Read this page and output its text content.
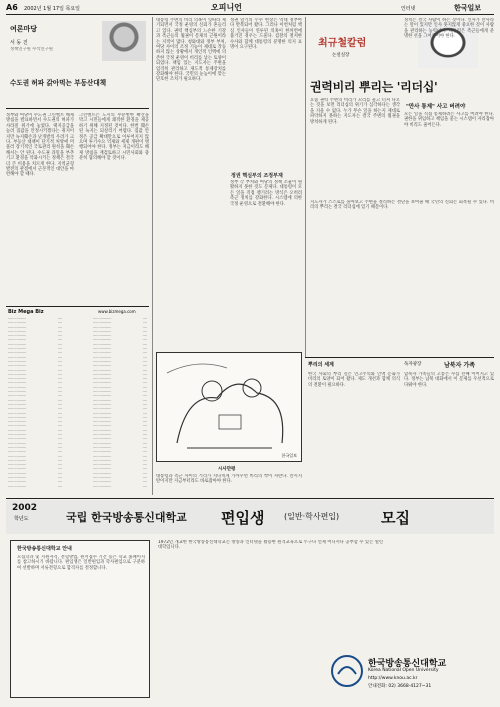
A6 2002년 1월 17일 목요일	오피니언	인터넷	한국일보
여론마당
서 동 진
정책연구원 수석연구원
수도권 허파 갉아먹는 부동산대책
정부와 여당이 수도권 그린벨트 해제 방침을 발표하면서 수도권의 허파가 사라질 위기에 놓였다. 택지공급을 늘려 집값을 안정시키겠다는 취지이지만 녹지훼손과 난개발의 우려가 크다. 부동산 대책이 단기적 처방에 머물러 장기적인 국토관리 원칙을 훼손해서는 안 된다. 수도권 과밀을 부추기고 환경을 악화시키는 정책은 결국 더 큰 비용을 치르게 한다. 지역균형발전의 관점에서 근본적인 대안을 마련해야 할 때다.
그린벨트는 도시의 무분별한 확산을 막고 시민들에게 쾌적한 환경을 제공하기 위해 지정된 것이다. 한번 훼손된 녹지는 되살리기 어렵다. 집값 안정은 공급 확대만으로 이루어지지 않으며 투기수요 억제와 세제 개편이 병행되어야 한다. 정부는 지금이라도 해제 방침을 재검토하고 시민사회와 충분히 협의해야 할 것이다.
Biz Mega Biz	www.bizmega.com
·················	····	·················	····
·················	····	·················	····
·················	····	·················	····
·················	····	·················	····
·················	····	·················	····
·················	····	·················	····
·················	····	·················	····
·················	····	·················	····
·················	····	·················	····
·················	····	·················	····
·················	····	·················	····
·················	····	·················	····
·················	····	·················	····
·················	····	·················	····
·················	····	·················	····
·················	····	·················	····
·················	····	·················	····
·················	····	·················	····
·················	····	·················	····
·················	····	·················	····
·················	····	·················	····
·················	····	·················	····
·················	····	·················	····
·················	····	·················	····
·················	····	·················	····
·················	····	·················	····
·················	····	·················	····
·················	····	·················	····
·················	····	·················	····
·················	····	·················	····
·················	····	·················	····
·················	····	·················	····
·················	····	·················	····
·················	····	·················	····
·················	····	·················	····
·················	····	·················	····
·················	····	·················	····
·················	····	·················	····
·················	····	·················	····
·················	····	·················	····
대통령 주변의 비리 의혹이 잇따라 제기되면서 국정 운영의 신뢰가 흔들리고 있다. 권력 핵심부의 느슨한 기강과 측근들의 월권이 문제의 근원이라는 지적이 많다. 청와대와 정부 부처, 여당 사이의 조정 기능이 제대로 작동하지 않는 상황에서 개인적 인맥에 의존한 국정 운영이 비리를 낳는 토양이 되었다. 책임 있는 지도자는 주변을 엄격히 관리하고 제도적 통제장치를 강화해야 한다. 국민의 눈높이에 맞는 단호한 조치가 필요하다.
정권 말기의 누수 현상은 역대 정부마다 반복되어 왔다. 그러나 이번처럼 핵심 인사들이 연루된 의혹이 한꺼번에 불거진 경우는 드물다. 검찰의 철저한 수사와 함께 대통령의 분명한 의지 표명이 요구된다.
정권 핵심부의 조정부재
정부 각 부처와 여당의 정책 조율이 원활하지 못한 것도 문제다. 대통령이 모든 일을 직접 챙기려는 방식은 오히려 측근 정치를 강화한다. 시스템에 의한 국정 운영으로 전환해야 한다.
한국일보
시사만평
대통령과 측근 사이의 거리가 지나치게 가까우면 비리의 싹이 자란다. 만시지탄이지만 지금부터라도 바로잡아야 한다.
최규철칼럼
논설실장
권력비리 뿌리는 '리더십'
요즘 권력 주변의 비리가 꼬리를 물고 터져 나오는 것을 보면 리더십의 위기가 심각하다는 생각을 지울 수 없다. 누가 무슨 일을 하는지 제대로 파악하지 못하는 지도자는 결국 주변의 월권을 방치하게 된다.
정치는 결국 사람이 하는 것이다. 인사가 만사라는 말이 있지만 인사 못지않게 중요한 것이 사람을 관리하는 능력이다. 대통령은 측근들에게 분명한 선을 그어주어야 한다.
"만사 통제" 사고 버려야
모든 일을 직접 통제하려는 사고를 버려야 한다. 권한을 위임하고 책임을 묻는 시스템이 자리잡아야 비리도 줄어든다.
지도자가 스스로를 돌아보고 주변을 정리하는 결단을 보여줄 때 국민의 신뢰는 회복될 수 있다. 비리의 뿌리는 결국 리더십에 있기 때문이다.
뿌리의 세계
한국 사회의 뿌리 깊은 연고주의와 인맥 문화가 비리의 토양이 되어 왔다. 제도 개선과 함께 의식의 전환이 필요하다.
독자광장	남북자 가족
납북자 가족들의 고통은 수십 년째 이어지고 있다. 정부는 남북 대화에서 이 문제를 우선적으로 다뤄야 한다.
2002
학년도	국립 한국방송통신대학교 편입생 (일반·학사편입)	모집
한국방송통신대학교 안내
모집학과 및 지원자격, 전형방법, 원서접수 기간 등은 학교 홈페이지를 참고하시기 바랍니다. 편입생은 일반편입과 학사편입으로 구분하여 선발하며 서류전형으로 합격자를 결정합니다.
1972년 개교한 한국방송통신대학교는 방송과 인터넷을 활용한 원격교육으로 누구나 언제 어디서나 공부할 수 있는 열린 대학입니다.
한국방송통신대학교
Korea National Open University
http://www.knou.ac.kr
안내전화: 02) 3668-4127~31
